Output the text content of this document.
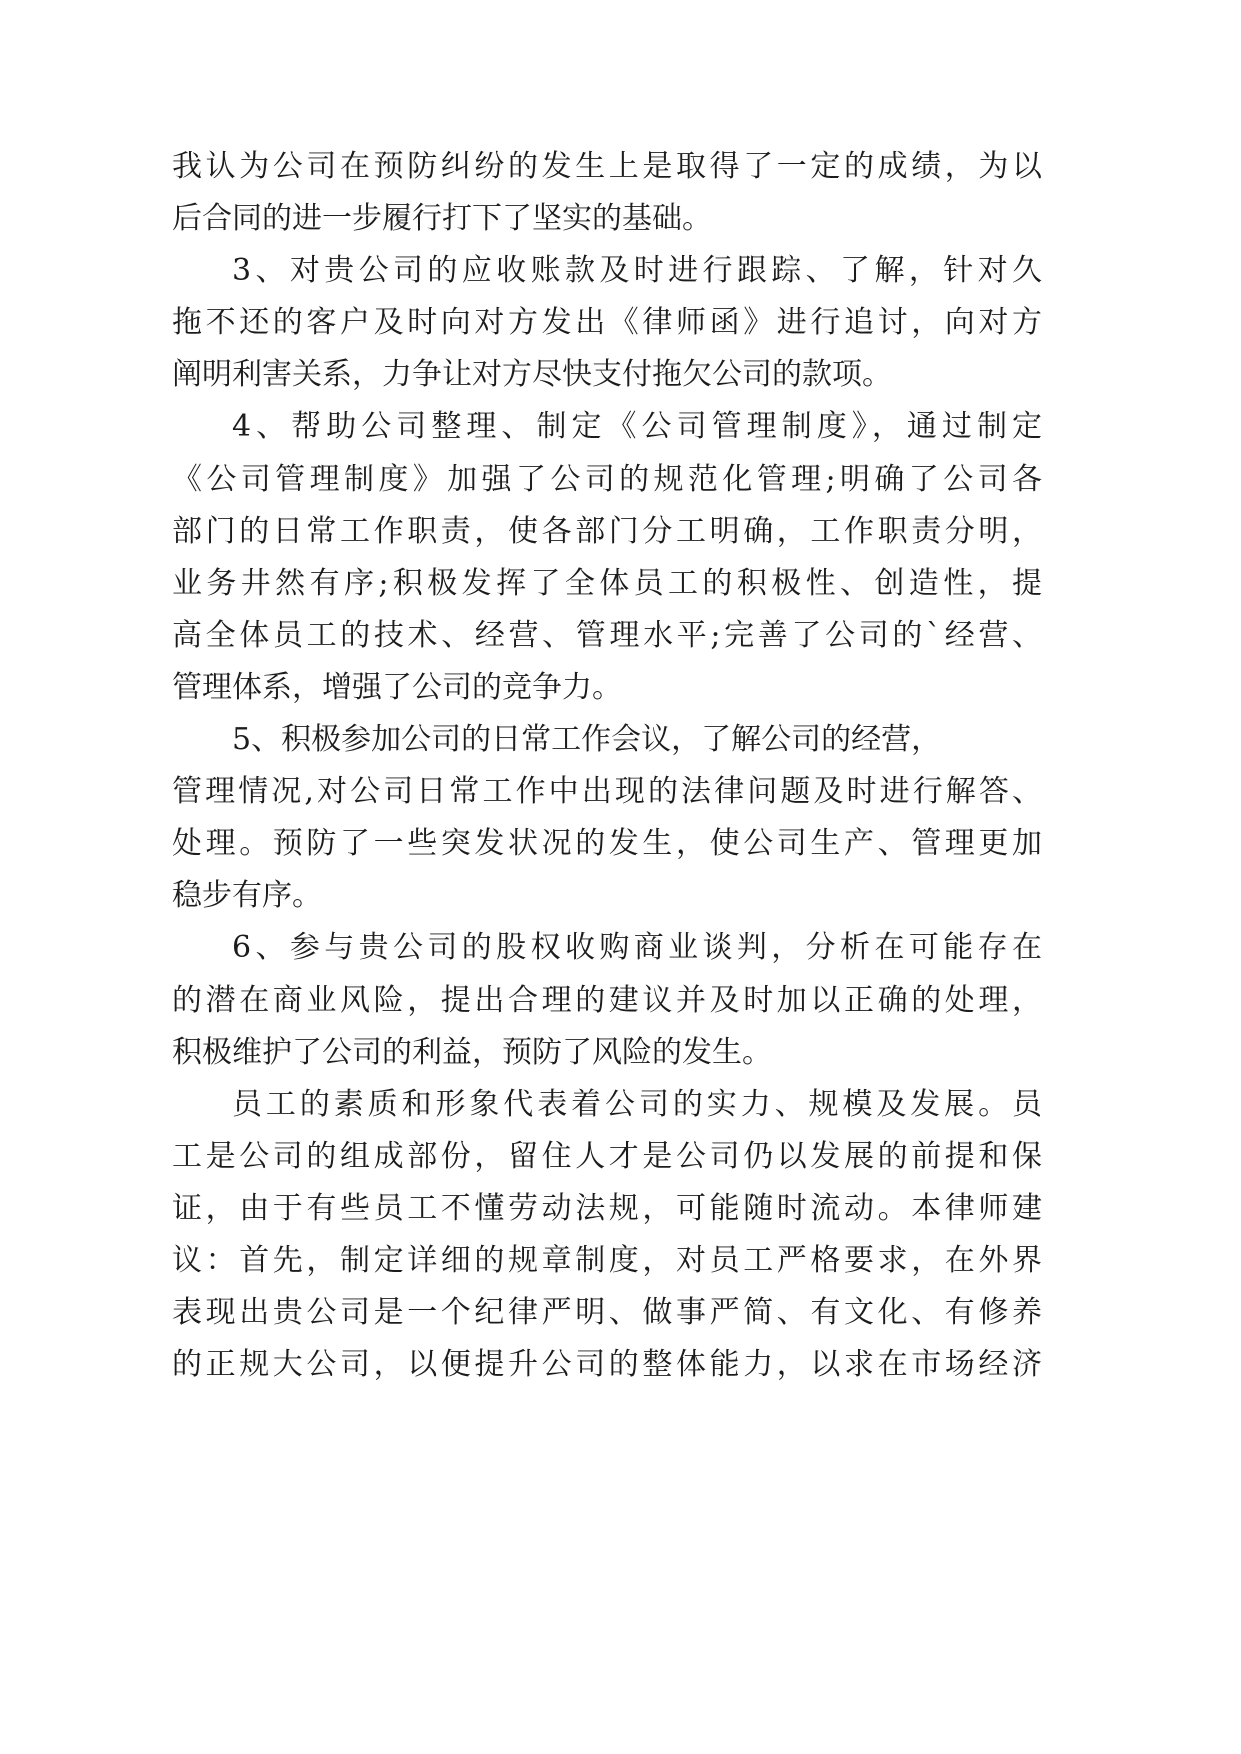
我认为公司在预防纠纷的发生上是取得了一定的成绩，为以
后合同的进一步履行打下了坚实的基础。
3、对贵公司的应收账款及时进行跟踪、了解，针对久
拖不还的客户及时向对方发出《律师函》进行追讨，向对方
阐明利害关系，力争让对方尽快支付拖欠公司的款项。
4、帮助公司整理、制定《公司管理制度》，通过制定
《公司管理制度》加强了公司的规范化管理;明确了公司各
部门的日常工作职责，使各部门分工明确，工作职责分明，
业务井然有序;积极发挥了全体员工的积极性、创造性，提
高全体员工的技术、经营、管理水平;完善了公司的`经营、
管理体系，增强了公司的竞争力。
5、积极参加公司的日常工作会议，了解公司的经营，
管理情况,对公司日常工作中出现的法律问题及时进行解答、
处理。预防了一些突发状况的发生，使公司生产、管理更加
稳步有序。
6、参与贵公司的股权收购商业谈判，分析在可能存在
的潜在商业风险，提出合理的建议并及时加以正确的处理，
积极维护了公司的利益，预防了风险的发生。
员工的素质和形象代表着公司的实力、规模及发展。员
工是公司的组成部份，留住人才是公司仍以发展的前提和保
证，由于有些员工不懂劳动法规，可能随时流动。本律师建
议：首先，制定详细的规章制度，对员工严格要求，在外界
表现出贵公司是一个纪律严明、做事严简、有文化、有修养
的正规大公司，以便提升公司的整体能力，以求在市场经济
